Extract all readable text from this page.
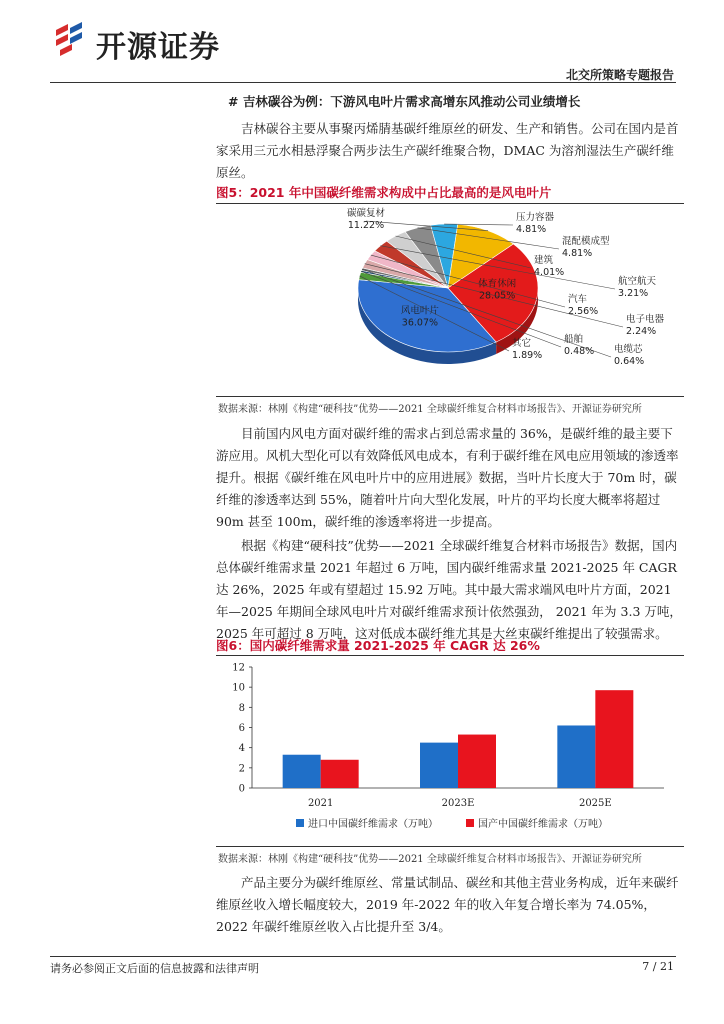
开源证券
北交所策略专题报告
# 吉林碳谷为例：下游风电叶片需求高增东风推动公司业绩增长
吉林碳谷主要从事聚丙烯腈基碳纤维原丝的研发、生产和销售。公司在国内是首家采用三元水相悬浮聚合两步法生产碳纤维聚合物，DMAC 为溶剂湿法生产碳纤维原丝。
图5：2021 年中国碳纤维需求构成中占比最高的是风电叶片
风电叶片
36.07%
其它
1.89%
船舶
0.48% 电缆芯
0.64%
电子电器
2.24%
汽车
2.56%
航空航天
3.21%
建筑
4.01%
混配模成型
4.81%
压力容器
4.81%
碳碳复材
11.22%
体育休闲
28.05%
数据来源：林刚《构建“硬科技”优势——2021 全球碳纤维复合材料市场报告》、开源证券研究所
目前国内风电方面对碳纤维的需求占到总需求量的 36%，是碳纤维的最主要下游应用。风机大型化可以有效降低风电成本，有利于碳纤维在风电应用领域的渗透率提升。根据《碳纤维在风电叶片中的应用进展》数据，当叶片长度大于 70m 时，碳纤维的渗透率达到 55%，随着叶片向大型化发展，叶片的平均长度大概率将超过 90m 甚至 100m，碳纤维的渗透率将进一步提高。
根据《构建“硬科技”优势——2021 全球碳纤维复合材料市场报告》数据，国内总体碳纤维需求量 2021 年超过 6 万吨，国内碳纤维需求量 2021-2025 年 CAGR 达 26%，2025 年或有望超过 15.92 万吨。其中最大需求端风电叶片方面，2021 年—2025 年期间全球风电叶片对碳纤维需求预计依然强劲， 2021 年为 3.3 万吨，2025 年可超过 8 万吨，这对低成本碳纤维尤其是大丝束碳纤维提出了较强需求。
图6：国内碳纤维需求量 2021-2025 年 CAGR 达 26%
0
2
4
6
8
10
12
2021	2023E	2025E
进口中国碳纤维需求（万吨）	国产中国碳纤维需求（万吨）
数据来源：林刚《构建“硬科技”优势——2021 全球碳纤维复合材料市场报告》、开源证券研究所
产品主要分为碳纤维原丝、常量试制品、碳丝和其他主营业务构成，近年来碳纤维原丝收入增长幅度较大，2019 年-2022 年的收入年复合增长率为 74.05%，2022 年碳纤维原丝收入占比提升至 3/4。
请务必参阅正文后面的信息披露和法律声明	7 / 21
